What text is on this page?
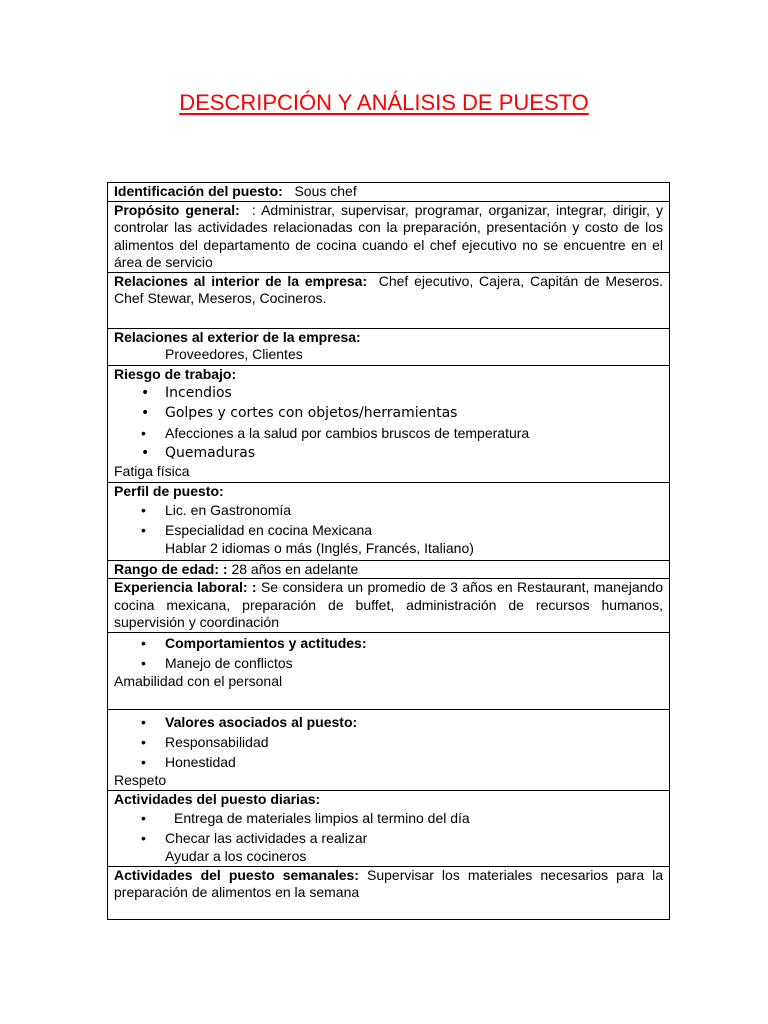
DESCRIPCIÓN Y ANÁLISIS DE PUESTO
Identificación del puesto: Sous chef
Propósito general: : Administrar, supervisar, programar, organizar, integrar, dirigir, y controlar las actividades relacionadas con la preparación, presentación y costo de los alimentos del departamento de cocina cuando el chef ejecutivo no se encuentre en el área de servicio
Relaciones al interior de la empresa: Chef ejecutivo, Cajera, Capitán de Meseros. Chef Stewar, Meseros, Cocineros.
Relaciones al exterior de la empresa:
Proveedores, Clientes

Riesgo de trabajo:
• Incendios
• Golpes y cortes con objetos/herramientas
• Afecciones a la salud por cambios bruscos de temperatura
• Quemaduras
Fatiga física

Perfil de puesto:
• Lic. en Gastronomía
• Especialidad en cocina Mexicana
Hablar 2 idiomas o más (Inglés, Francés, Italiano)

Rango de edad: : 28 años en adelante
Experiencia laboral: : Se considera un promedio de 3 años en Restaurant, manejando cocina mexicana, preparación de buffet, administración de recursos humanos, supervisión y coordinación

• Comportamientos y actitudes:
• Manejo de conflictos
Amabilidad con el personal

• Valores asociados al puesto:
• Responsabilidad
• Honestidad
Respeto

Actividades del puesto diarias:
• Entrega de materiales limpios al termino del día
• Checar las actividades a realizar
Ayudar a los cocineros

Actividades del puesto semanales: Supervisar los materiales necesarios para la preparación de alimentos en la semana
